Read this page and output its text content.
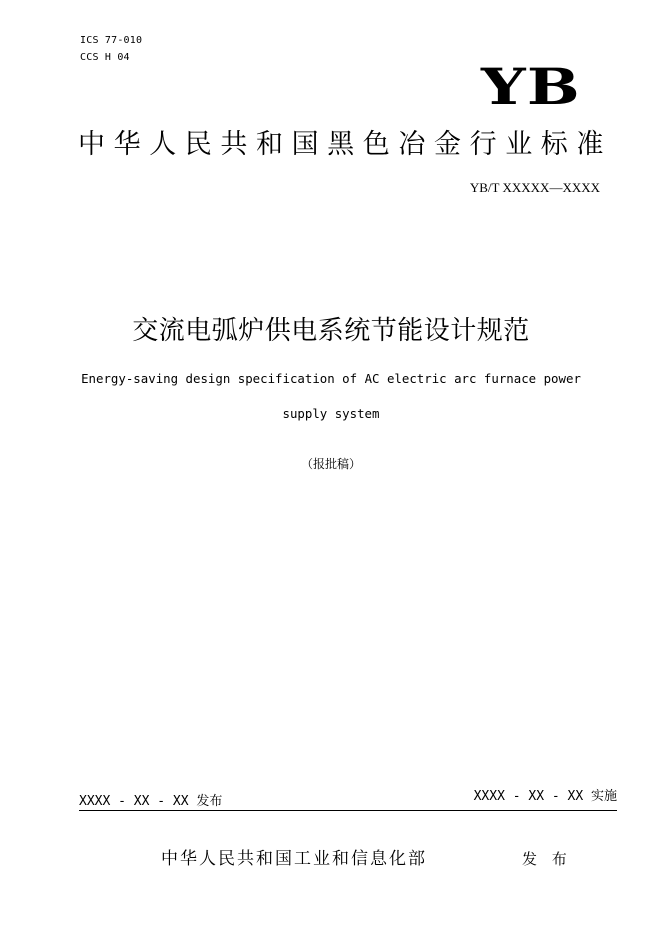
ICS 77-010
CCS H 04	YB
中华人民共和国黑色冶金行业标准
YB/T XXXXX—XXXX
交流电弧炉供电系统节能设计规范
Energy-saving design specification of AC electric arc furnace power
supply system
（报批稿）
XXXX - XX - XX 发布	XXXX - XX - XX 实施
中华人民共和国工业和信息化部	发 布
